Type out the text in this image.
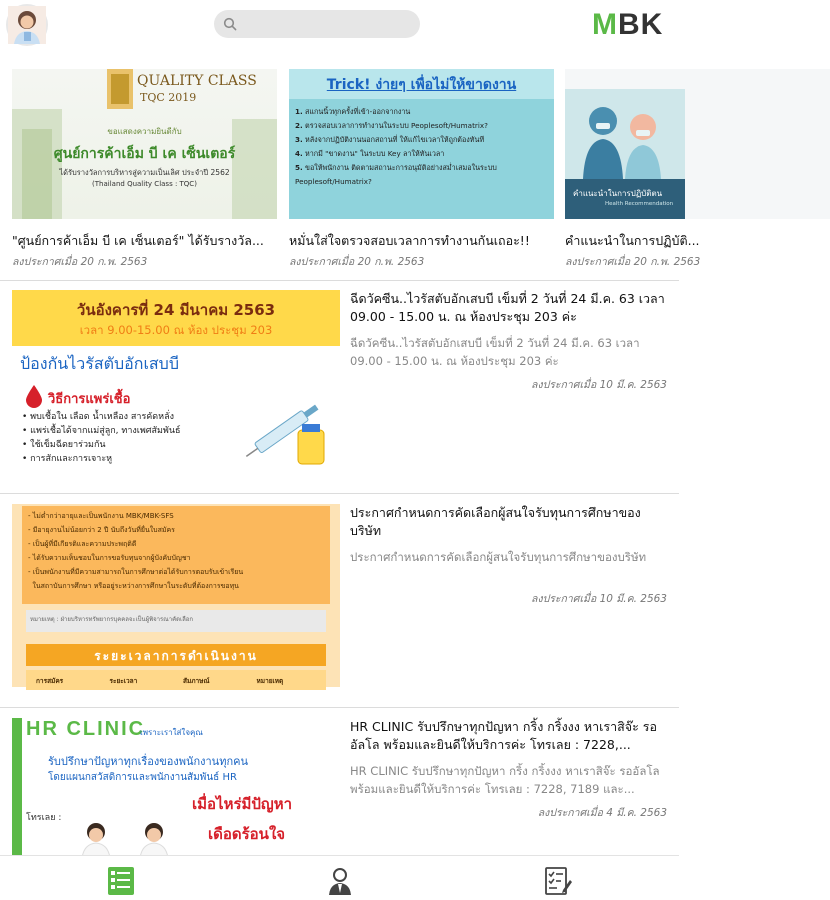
M BK
QUALITY CLASS
TQC 2019
ขอแสดงความยินดีกับ
ศูนย์การค้าเอ็ม บี เค เซ็นเตอร์
ได้รับรางวัลการบริหารสู่ความเป็นเลิศ ประจำปี 2562
(Thailand Quality Class : TQC)
"ศูนย์การค้าเอ็ม บี เค เซ็นเตอร์" ได้รับรางวัล...
ลงประกาศเมื่อ 20 ก.พ. 2563
Trick! ง่ายๆ เพื่อไม่ให้ขาดงาน
1. สแกนนิ้วทุกครั้งที่เข้า-ออกจากงาน
2. ตรวจสอบเวลาการทำงานในระบบ Peoplesoft/Humatrix?
3. หลังจากปฏิบัติงานนอกสถานที่ ให้แก้ไขเวลาให้ถูกต้องทันที
4. หากมี "ขาดงาน" ในระบบ Key ลาให้ทันเวลา
5. ขอให้พนักงาน ติดตามสถานะการอนุมัติอย่างสม่ำเสมอในระบบ Peoplesoft/Humatrix?
หมั่นใส่ใจตรวจสอบเวลาการทำงานกันเถอะ!!
ลงประกาศเมื่อ 20 ก.พ. 2563
คำแนะนำในการปฏิบัติตน
Health Recommendation
คำแนะนำในการปฏิบัติ...
ลงประกาศเมื่อ 20 ก.พ. 2563
วันอังคารที่ 24 มีนาคม 2563
เวลา 9.00-15.00 ณ ห้อง ประชุม 203
ป้องกันไวรัสตับอักเสบบี
วิธีการแพร่เชื้อ
• พบเชื้อใน เลือด น้ำเหลือง สารคัดหลั่ง
• แพร่เชื้อได้จากแม่สู่ลูก, ทางเพศสัมพันธ์
• ใช้เข็มฉีดยาร่วมกัน
• การสักและการเจาะหู
ฉีดวัคซีน..ไวรัสตับอักเสบบี เข็มที่ 2 วันที่ 24 มี.ค. 63 เวลา 09.00 - 15.00 น. ณ ห้องประชุม 203 ค่ะ
ฉีดวัคซีน..ไวรัสตับอักเสบบี เข็มที่ 2 วันที่ 24 มี.ค. 63 เวลา 09.00 - 15.00 น. ณ ห้องประชุม 203 ค่ะ
ลงประกาศเมื่อ 10 มี.ค. 2563
- ไม่ต่ำกว่าอายุและเป็นพนักงาน MBK/MBK-SFS
- มีอายุงานไม่น้อยกว่า 2 ปี นับถึงวันที่ยื่นใบสมัคร
- เป็นผู้ที่มีเกียรติและความประพฤติดี
- ได้รับความเห็นชอบในการขอรับทุนจากผู้บังคับบัญชา
- เป็นพนักงานที่มีความสามารถในการศึกษาต่อได้รับการตอบรับเข้าเรียน
ในสถาบันการศึกษา หรืออยู่ระหว่างการศึกษาในระดับที่ต้องการขอทุน
หมายเหตุ : ฝ่ายบริหารทรัพยากรบุคคลจะเป็นผู้พิจารณาคัดเลือก
ระยะเวลาการดำเนินงาน
การสมัคร	ระยะเวลา	สัมภาษณ์	หมายเหตุ
ประกาศกำหนดการคัดเลือกผู้สนใจรับทุนการศึกษาของบริษัท
ประกาศกำหนดการคัดเลือกผู้สนใจรับทุนการศึกษาของบริษัท
ลงประกาศเมื่อ 10 มี.ค. 2563
HR CLINIC
เพราะเราใส่ใจคุณ
รับปรึกษาปัญหาทุกเรื่องของพนักงานทุกคน
โดยแผนกสวัสดิการและพนักงานสัมพันธ์ HR
โทรเลย :
เมื่อไหร่มีปัญหา
เดือดร้อนใจ
HR CLINIC รับปรึกษาทุกปัญหา กริ้ง กริ้งงง หาเราสิจ๊ะ รออัลโล พร้อมและยินดีให้บริการค่ะ โทรเลย : 7228,...
HR CLINIC รับปรึกษาทุกปัญหา กริ้ง กริ้งงง หาเราสิจ๊ะ รออัลโล พร้อมและยินดีให้บริการค่ะ โทรเลย : 7228, 7189 และ...
ลงประกาศเมื่อ 4 มี.ค. 2563
